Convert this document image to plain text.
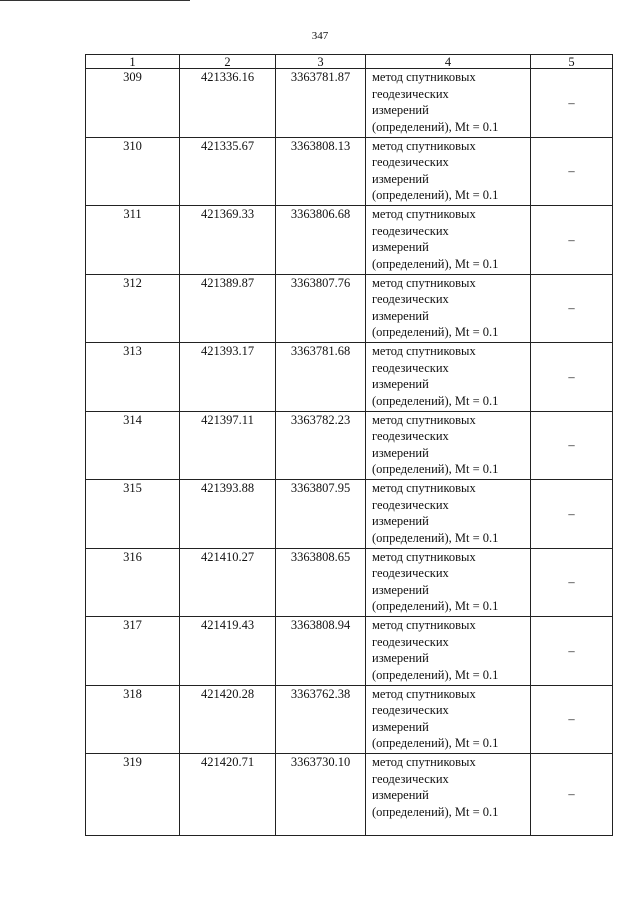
347
1	2	3	4	5
309	421336.16	3363781.87	метод спутниковых
геодезических
измерений
(определений), Mt = 0.1	–
310	421335.67	3363808.13	метод спутниковых
геодезических
измерений
(определений), Mt = 0.1	–
311	421369.33	3363806.68	метод спутниковых
геодезических
измерений
(определений), Mt = 0.1	–
312	421389.87	3363807.76	метод спутниковых
геодезических
измерений
(определений), Mt = 0.1	–
313	421393.17	3363781.68	метод спутниковых
геодезических
измерений
(определений), Mt = 0.1	–
314	421397.11	3363782.23	метод спутниковых
геодезических
измерений
(определений), Mt = 0.1	–
315	421393.88	3363807.95	метод спутниковых
геодезических
измерений
(определений), Mt = 0.1	–
316	421410.27	3363808.65	метод спутниковых
геодезических
измерений
(определений), Mt = 0.1	–
317	421419.43	3363808.94	метод спутниковых
геодезических
измерений
(определений), Mt = 0.1	–
318	421420.28	3363762.38	метод спутниковых
геодезических
измерений
(определений), Mt = 0.1	–
319	421420.71	3363730.10	метод спутниковых
геодезических
измерений
(определений), Mt = 0.1	–
